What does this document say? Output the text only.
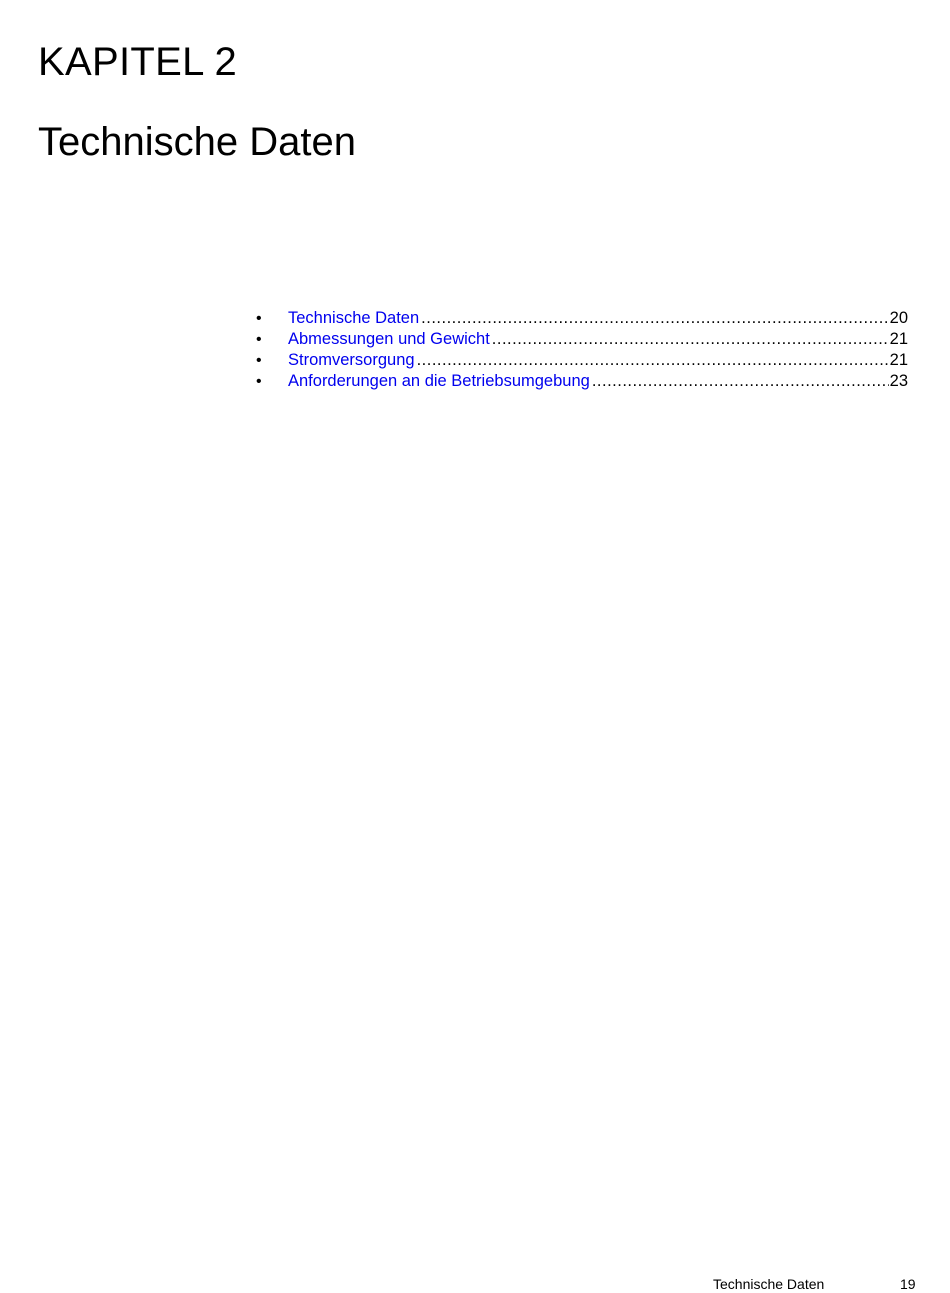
KAPITEL 2
Technische Daten
• Technische Daten .....	20
• Abmessungen und Gewicht .....	21
• Stromversorgung .....	21
• Anforderungen an die Betriebsumgebung .....	23
Technische Daten	19
